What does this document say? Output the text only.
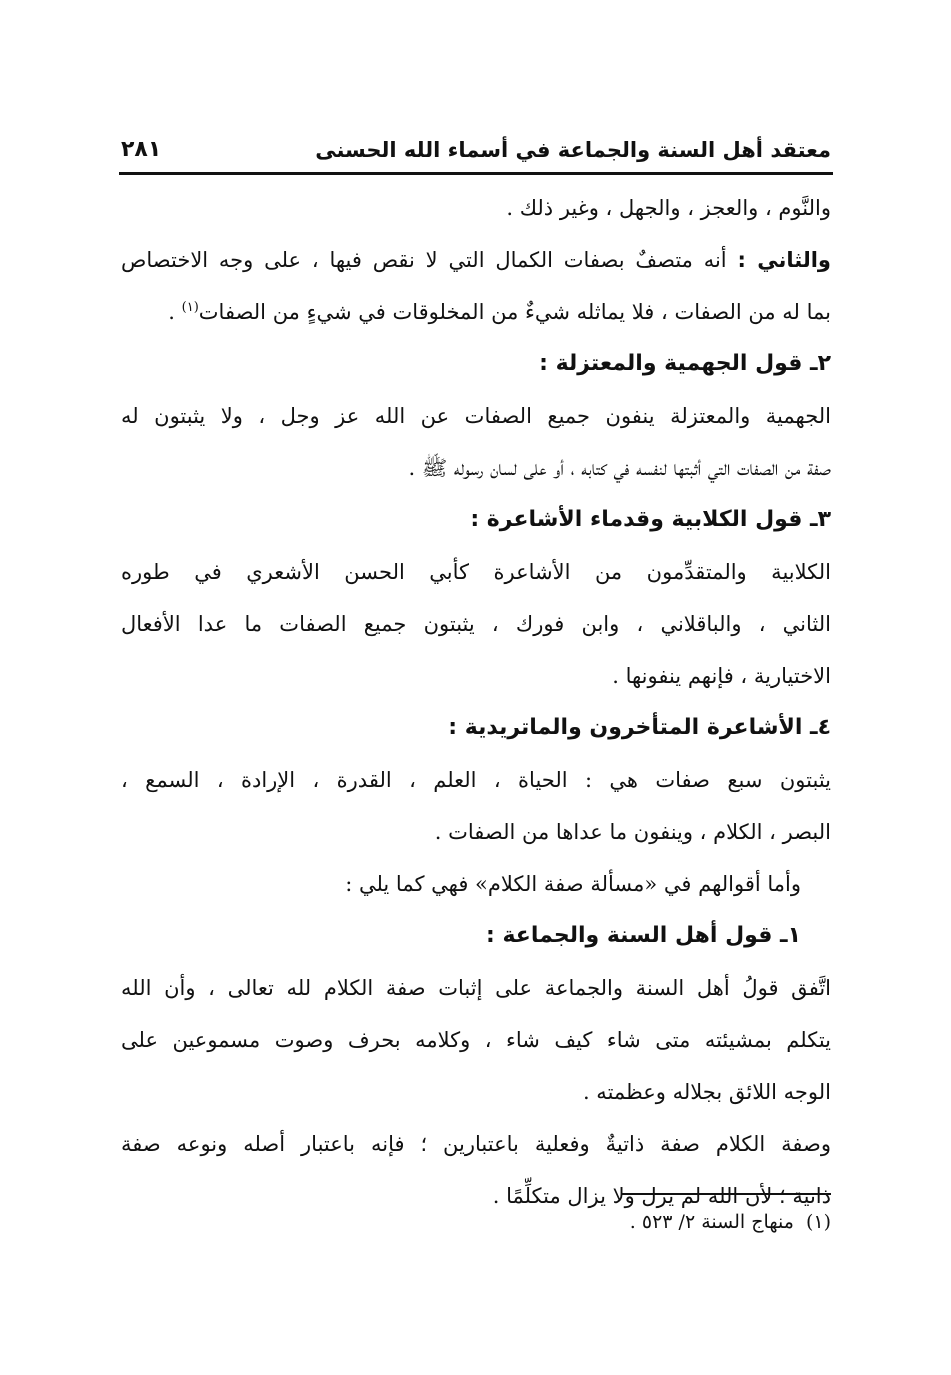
معتقد أهل السنة والجماعة في أسماء الله الحسنى
٢٨١
والنَّوم ، والعجز ، والجهل ، وغير ذلك .
والثاني : أنه متصفٌ بصفات الكمال التي لا نقص فيها ، على وجه الاختصاص
بما له من الصفات ، فلا يماثله شيءٌ من المخلوقات في شيءٍ من الصفات$^{(١)}$ .
٢ـ قول الجهمية والمعتزلة :
الجهمية والمعتزلة ينفون جميع الصفات عن الله عز وجل ، ولا يثبتون له
صفة من الصفات التي أثبتها لنفسه في كتابه ، أو على لسان رسوله ﷺ .
٣ـ قول الكلابية وقدماء الأشاعرة :
الكلابية والمتقدِّمون من الأشاعرة كأبي الحسن الأشعري في طوره
الثاني ، والباقلاني ، وابن فورك ، يثبتون جميع الصفات ما عدا الأفعال
الاختيارية ، فإنهم ينفونها .
٤ـ الأشاعرة المتأخرون والماتريدية :
يثبتون سبع صفات هي : الحياة ، العلم ، القدرة ، الإرادة ، السمع ،
البصر ، الكلام ، وينفون ما عداها من الصفات .
وأما أقوالهم في «مسألة صفة الكلام» فهي كما يلي :
١ـ قول أهل السنة والجماعة :
اتَّفق قولُ أهل السنة والجماعة على إثبات صفة الكلام لله تعالى ، وأن الله
يتكلم بمشيئته متى شاء كيف شاء ، وكلامه بحرف وصوت مسموعين على
الوجه اللائق بجلاله وعظمته .
وصفة الكلام صفة ذاتيةٌ وفعلية باعتبارين ؛ فإنه باعتبار أصله ونوعه صفة
ذاتية ؛ لأن الله لم يزل ولا يزال متكلِّمًا .
(١)منهاج السنة ٢/ ٥٢٣ .
